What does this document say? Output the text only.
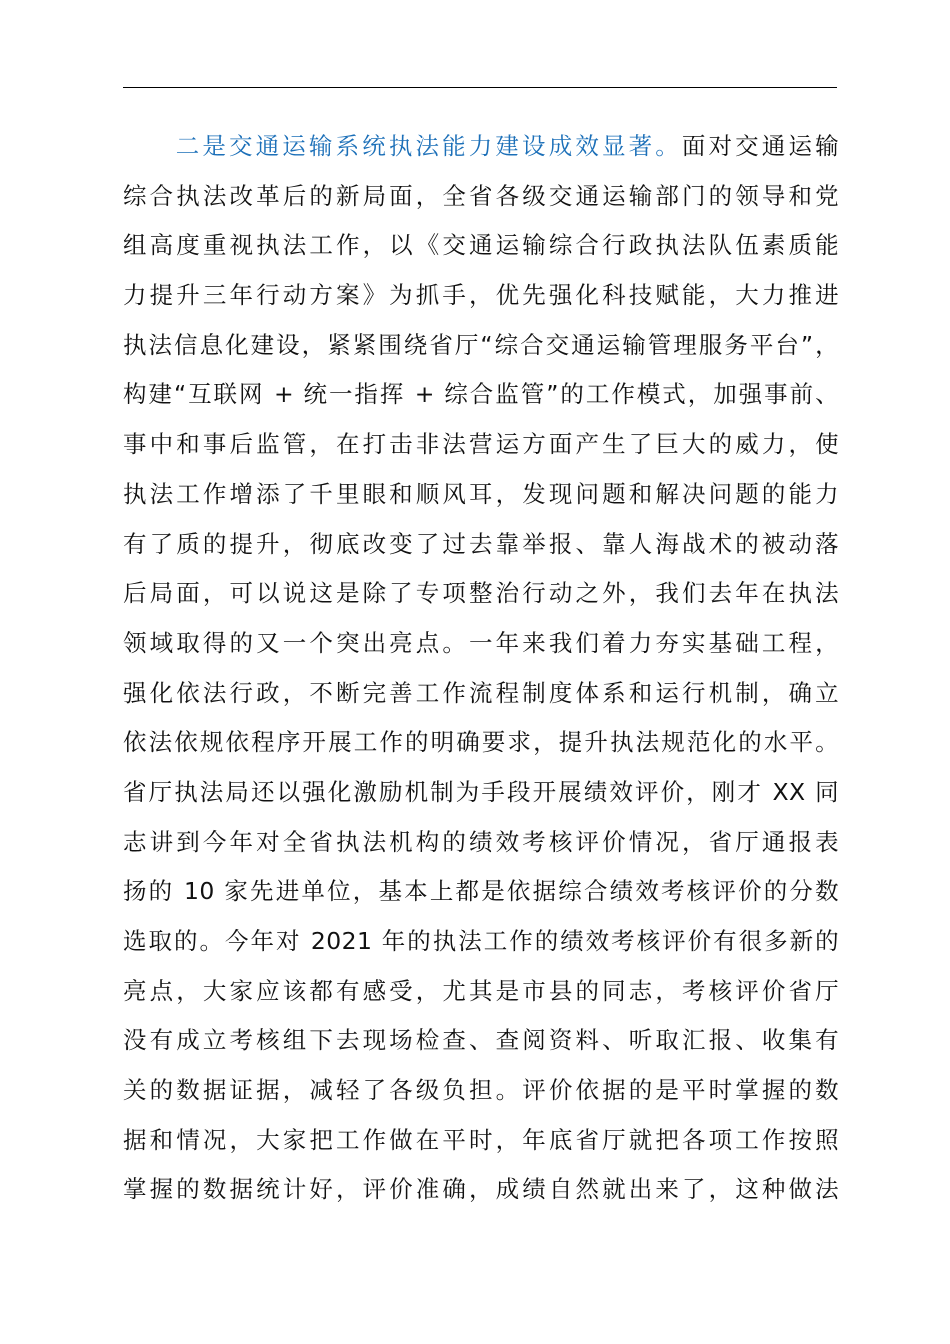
二是交通运输系统执法能力建设成效显著。面对交通运输
综合执法改革后的新局面，全省各级交通运输部门的领导和党
组高度重视执法工作，以《交通运输综合行政执法队伍素质能
力提升三年行动方案》为抓手，优先强化科技赋能，大力推进
执法信息化建设，紧紧围绕省厅“综合交通运输管理服务平台”，
构建“互联网 + 统一指挥 + 综合监管”的工作模式，加强事前、
事中和事后监管，在打击非法营运方面产生了巨大的威力，使
执法工作增添了千里眼和顺风耳，发现问题和解决问题的能力
有了质的提升，彻底改变了过去靠举报、靠人海战术的被动落
后局面，可以说这是除了专项整治行动之外，我们去年在执法
领域取得的又一个突出亮点。一年来我们着力夯实基础工程，
强化依法行政，不断完善工作流程制度体系和运行机制，确立
依法依规依程序开展工作的明确要求，提升执法规范化的水平。
省厅执法局还以强化激励机制为手段开展绩效评价，刚才 XX 同
志讲到今年对全省执法机构的绩效考核评价情况，省厅通报表
扬的 10 家先进单位，基本上都是依据综合绩效考核评价的分数
选取的。今年对 2021 年的执法工作的绩效考核评价有很多新的
亮点，大家应该都有感受，尤其是市县的同志，考核评价省厅
没有成立考核组下去现场检查、查阅资料、听取汇报、收集有
关的数据证据，减轻了各级负担。评价依据的是平时掌握的数
据和情况，大家把工作做在平时，年底省厅就把各项工作按照
掌握的数据统计好，评价准确，成绩自然就出来了，这种做法
